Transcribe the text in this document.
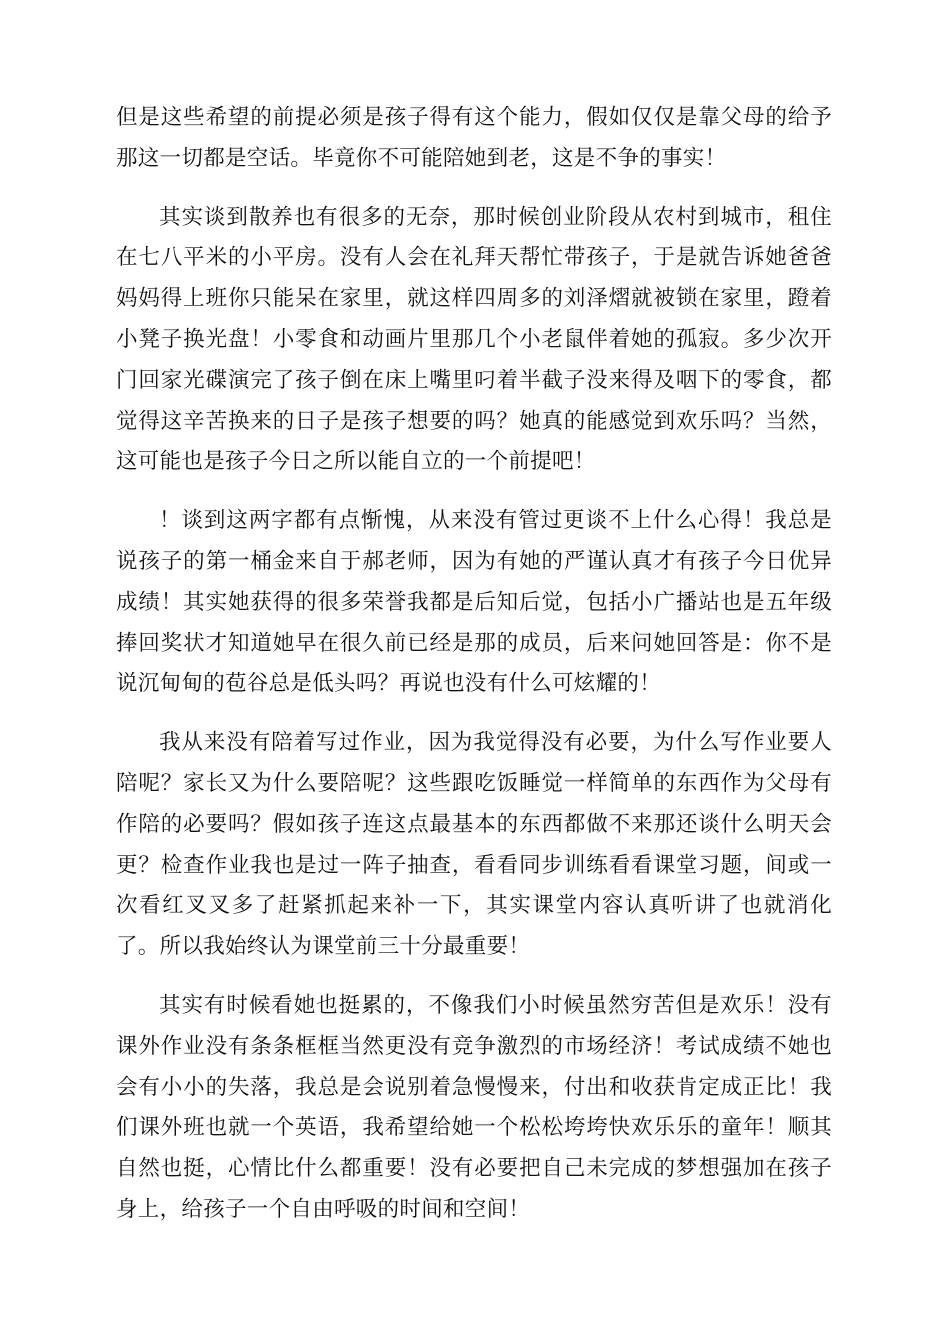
但是这些希望的前提必须是孩子得有这个能力，假如仅仅是靠父母的给予那这一切都是空话。毕竟你不可能陪她到老，这是不争的事实！

其实谈到散养也有很多的无奈，那时候创业阶段从农村到城市，租住在七八平米的小平房。没有人会在礼拜天帮忙带孩子，于是就告诉她爸爸妈妈得上班你只能呆在家里，就这样四周多的刘泽熠就被锁在家里，蹬着小凳子换光盘！小零食和动画片里那几个小老鼠伴着她的孤寂。多少次开门回家光碟演完了孩子倒在床上嘴里叼着半截子没来得及咽下的零食，都觉得这辛苦换来的日子是孩子想要的吗？她真的能感觉到欢乐吗？当然，这可能也是孩子今日之所以能自立的一个前提吧！

！谈到这两字都有点惭愧，从来没有管过更谈不上什么心得！我总是说孩子的第一桶金来自于郝老师，因为有她的严谨认真才有孩子今日优异成绩！其实她获得的很多荣誉我都是后知后觉，包括小广播站也是五年级捧回奖状才知道她早在很久前已经是那的成员，后来问她回答是：你不是说沉甸甸的苞谷总是低头吗？再说也没有什么可炫耀的！

我从来没有陪着写过作业，因为我觉得没有必要，为什么写作业要人陪呢？家长又为什么要陪呢？这些跟吃饭睡觉一样简单的东西作为父母有作陪的必要吗？假如孩子连这点最基本的东西都做不来那还谈什么明天会更？检查作业我也是过一阵子抽查，看看同步训练看看课堂习题，间或一次看红叉叉多了赶紧抓起来补一下，其实课堂内容认真听讲了也就消化了。所以我始终认为课堂前三十分最重要！

其实有时候看她也挺累的，不像我们小时候虽然穷苦但是欢乐！没有课外作业没有条条框框当然更没有竞争激烈的市场经济！考试成绩不她也会有小小的失落，我总是会说别着急慢慢来，付出和收获肯定成正比！我们课外班也就一个英语，我希望给她一个松松垮垮快欢乐乐的童年！顺其自然也挺，心情比什么都重要！没有必要把自己未完成的梦想强加在孩子身上，给孩子一个自由呼吸的时间和空间！
